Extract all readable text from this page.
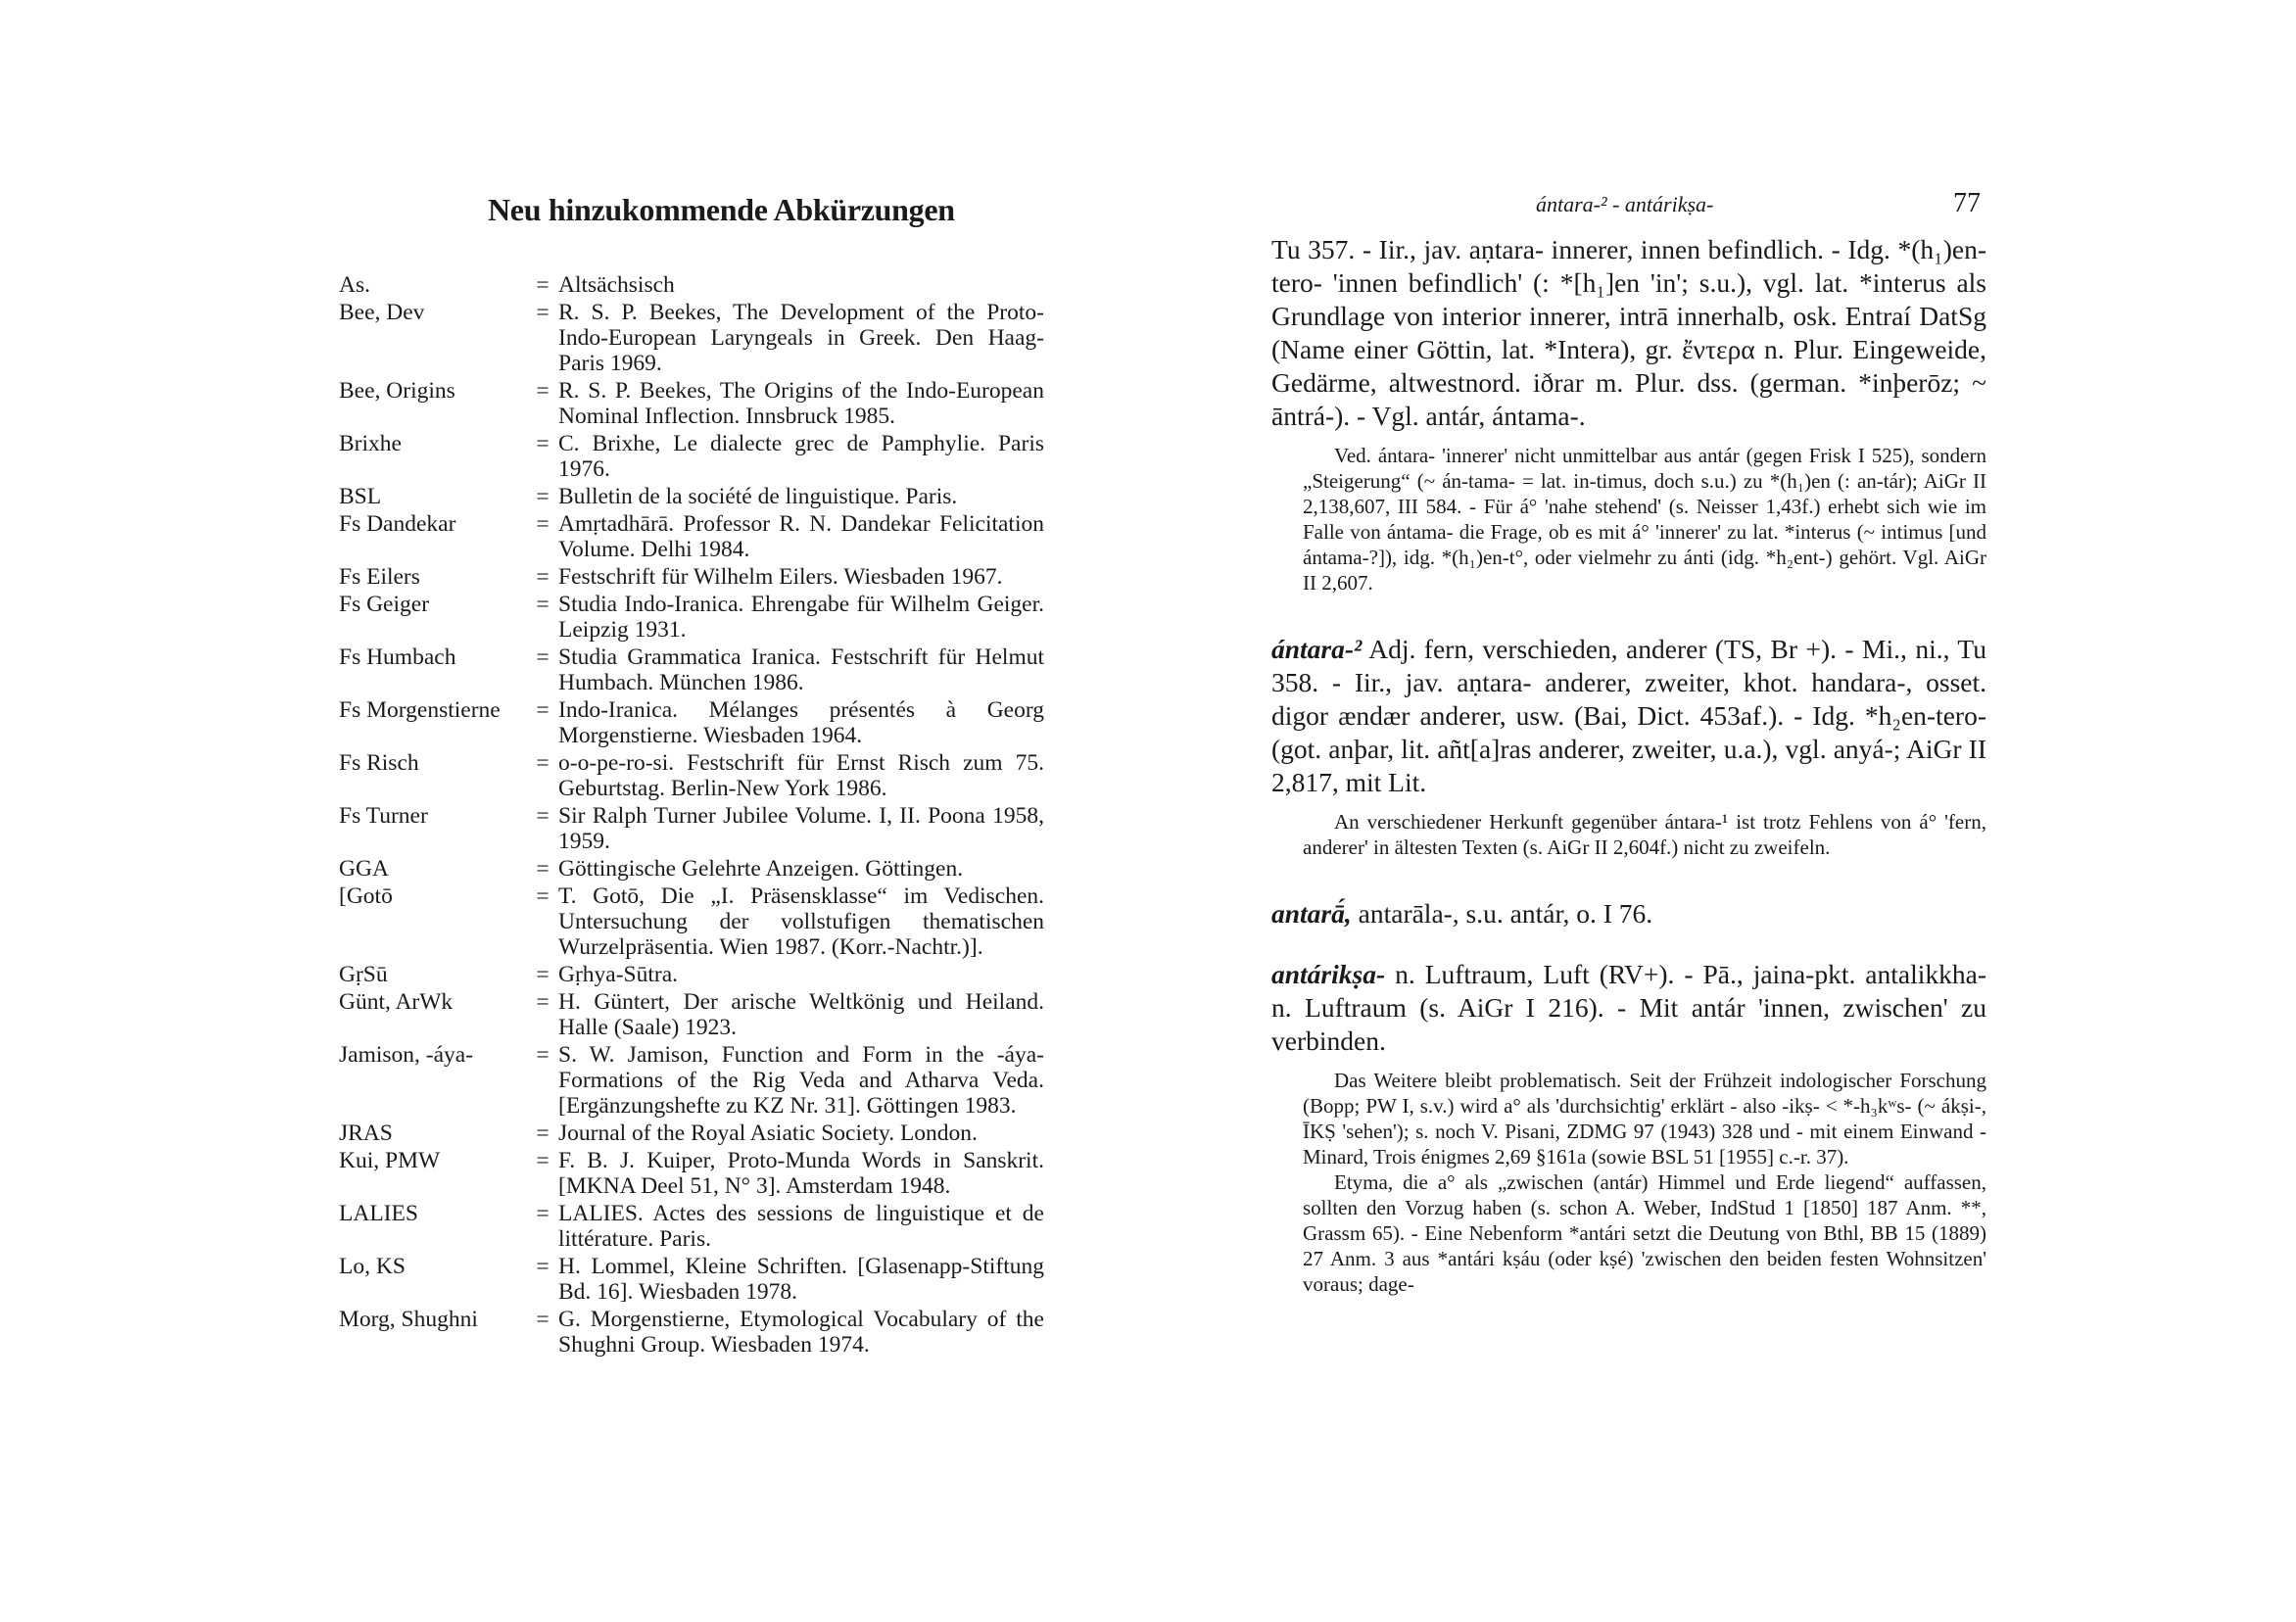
Neu hinzukommende Abkürzungen
As.	= Altsächsisch
Bee, Dev	= R. S. P. Beekes, The Development of the Proto-Indo-European Laryngeals in Greek. Den Haag-Paris 1969.
Bee, Origins	= R. S. P. Beekes, The Origins of the Indo-European Nominal Inflection. Innsbruck 1985.
Brixhe	= C. Brixhe, Le dialecte grec de Pamphylie. Paris 1976.
BSL	= Bulletin de la société de linguistique. Paris.
Fs Dandekar	= Amṛtadhārā. Professor R. N. Dandekar Felicitation Volume. Delhi 1984.
Fs Eilers	= Festschrift für Wilhelm Eilers. Wiesbaden 1967.
Fs Geiger	= Studia Indo-Iranica. Ehrengabe für Wilhelm Geiger. Leipzig 1931.
Fs Humbach	= Studia Grammatica Iranica. Festschrift für Helmut Humbach. München 1986.
Fs Morgenstierne	= Indo-Iranica. Mélanges présentés à Georg Morgenstierne. Wiesbaden 1964.
Fs Risch	= o-o-pe-ro-si. Festschrift für Ernst Risch zum 75. Geburtstag. Berlin-New York 1986.
Fs Turner	= Sir Ralph Turner Jubilee Volume. I, II. Poona 1958, 1959.
GGA	= Göttingische Gelehrte Anzeigen. Göttingen.
[Gotō	= T. Gotō, Die „I. Präsensklasse“ im Vedischen. Untersuchung der vollstufigen thematischen Wurzelpräsentia. Wien 1987. (Korr.-Nachtr.)].
GṛSū	= Gṛhya-Sūtra.
Günt, ArWk	= H. Güntert, Der arische Weltkönig und Heiland. Halle (Saale) 1923.
Jamison, -áya-	= S. W. Jamison, Function and Form in the -áya-Formations of the Rig Veda and Atharva Veda. [Ergänzungshefte zu KZ Nr. 31]. Göttingen 1983.
JRAS	= Journal of the Royal Asiatic Society. London.
Kui, PMW	= F. B. J. Kuiper, Proto-Munda Words in Sanskrit. [MKNA Deel 51, N° 3]. Amsterdam 1948.
LALIES	= LALIES. Actes des sessions de linguistique et de littérature. Paris.
Lo, KS	= H. Lommel, Kleine Schriften. [Glasenapp-Stiftung Bd. 16]. Wiesbaden 1978.
Morg, Shughni	= G. Morgenstierne, Etymological Vocabulary of the Shughni Group. Wiesbaden 1974.
ántara-² - antárikṣa-	77

Tu 357. - Iir., jav. aṇtara- innerer, innen befindlich. - Idg. *(h₁)en-tero- 'innen befindlich' (: *[h₁]en 'in'; s.u.), vgl. lat. *interus als Grundlage von interior innerer, intrā innerhalb, osk. Entraí DatSg (Name einer Göttin, lat. *Intera), gr. ἔντερα n. Plur. Eingeweide, Gedärme, altwestnord. iðrar m. Plur. dss. (german. *inþerōz; ~ āntrá-). - Vgl. antár, ántama-.

Ved. ántara- 'innerer' nicht unmittelbar aus antár (gegen Frisk I 525), sondern „Steigerung“ (~ án-tama- = lat. in-timus, doch s.u.) zu *(h₁)en (: an-tár); AiGr II 2,138,607, III 584. - Für á° 'nahe stehend' (s. Neisser 1,43f.) erhebt sich wie im Falle von ántama- die Frage, ob es mit á° 'innerer' zu lat. *interus (~ intimus [und ántama-?]), idg. *(h₁)en-t°, oder vielmehr zu ánti (idg. *h₂ent-) gehört. Vgl. AiGr II 2,607.

ántara-² Adj. fern, verschieden, anderer (TS, Br +). - Mi., ni., Tu 358. - Iir., jav. aṇtara- anderer, zweiter, khot. handara-, osset. digor ændær anderer, usw. (Bai, Dict. 453af.). - Idg. *h₂en-tero- (got. anþar, lit. añt[a]ras anderer, zweiter, u.a.), vgl. anyá-; AiGr II 2,817, mit Lit.

An verschiedener Herkunft gegenüber ántara-¹ ist trotz Fehlens von á° 'fern, anderer' in ältesten Texten (s. AiGr II 2,604f.) nicht zu zweifeln.

antarā́, antarāla-, s.u. antár, o. I 76.

antárikṣa- n. Luftraum, Luft (RV+). - Pā., jaina-pkt. antalikkha- n. Luftraum (s. AiGr I 216). - Mit antár 'innen, zwischen' zu verbinden.

Das Weitere bleibt problematisch. Seit der Frühzeit indologischer Forschung (Bopp; PW I, s.v.) wird a° als 'durchsichtig' erklärt - also -ikṣ- < *-h₃kʷs- (~ ákṣi-, ĪKṢ 'sehen'); s. noch V. Pisani, ZDMG 97 (1943) 328 und - mit einem Einwand - Minard, Trois énigmes 2,69 §161a (sowie BSL 51 [1955] c.-r. 37).

Etyma, die a° als „zwischen (antár) Himmel und Erde liegend“ auffassen, sollten den Vorzug haben (s. schon A. Weber, IndStud 1 [1850] 187 Anm. **, Grassm 65). - Eine Nebenform *antári setzt die Deutung von Bthl, BB 15 (1889) 27 Anm. 3 aus *antári kṣáu (oder kṣé) 'zwischen den beiden festen Wohnsitzen' voraus; dage-
